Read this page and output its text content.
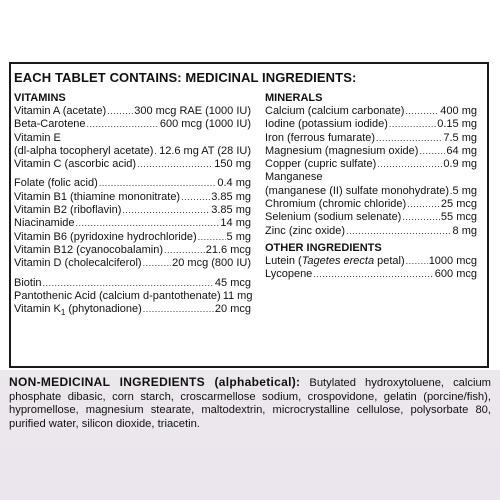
EACH TABLET CONTAINS: MEDICINAL INGREDIENTS:
VITAMINS
Vitamin A (acetate) .....	300 mcg RAE (1000 IU)
Beta-Carotene .....	600 mcg (1000 IU)
Vitamin E
(dl-alpha tocopheryl acetate) ..... 12.6 mg AT (28 IU)
Vitamin C (ascorbic acid) .....	150 mg
Folate (folic acid) .....	0.4 mg
Vitamin B1 (thiamine mononitrate) .....	3.85 mg
Vitamin B2 (riboflavin) .....	3.85 mg
Niacinamide .....	14 mg
Vitamin B6 (pyridoxine hydrochloride) .....	5 mg
Vitamin B12 (cyanocobalamin) .....	21.6 mcg
Vitamin D (cholecalciferol) .....	20 mcg (800 IU)
Biotin .....	45 mcg
Pantothenic Acid (calcium d-pantothenate) 11 mg
Vitamin $K_1$ (phytonadione) .....	20 mcg
MINERALS
Calcium (calcium carbonate) .....	400 mg
Iodine (potassium iodide) .....	0.15 mg
Iron (ferrous fumarate) .....	7.5 mg
Magnesium (magnesium oxide) .....	64 mg
Copper (cupric sulfate) .....	0.9 mg
Manganese
(manganese (II) sulfate monohydrate) ..... 5 mg
Chromium (chromic chloride) .....	25 mcg
Selenium (sodium selenate) .....	55 mcg
Zinc (zinc oxide) .....	8 mg
OTHER INGREDIENTS
Lutein (Tagetes erecta petal) ..... 1000 mcg
Lycopene .....	600 mcg
NON-MEDICINAL INGREDIENTS (alphabetical): Butylated hydroxytoluene, calcium phosphate dibasic, corn starch, croscarmellose sodium, crospovidone, gelatin (porcine/fish), hypromellose, magnesium stearate, maltodextrin, microcrystalline cellulose, polysorbate 80, purified water, silicon dioxide, triacetin.
